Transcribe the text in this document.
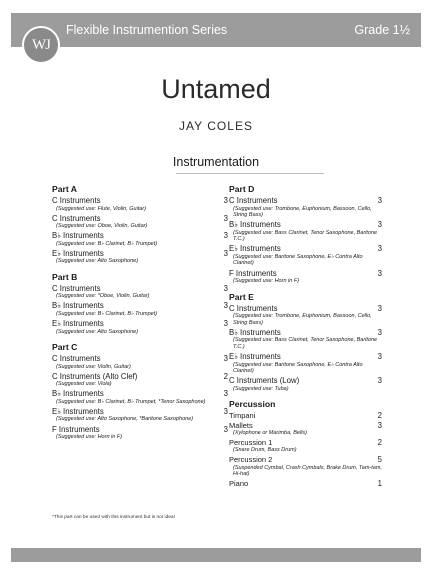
WJ
Flexible Instrumention Series	Grade 1½
Untamed
JAY COLES
Instrumentation
Part A
C Instruments	3
(Suggested use: Flute, Violin, Guitar)
C Instruments	3
(Suggested use: Oboe, Violin, Guitar)
B♭ Instruments	3
(Suggested use: B♭ Clarinet, B♭ Trumpet)
E♭ Instruments	3
(Suggested use: Alto Saxophone)
Part B
C Instruments	3
(Suggested use: *Oboe, Violin, Guitar)
B♭ Instruments	3
(Suggested use: B♭ Clarinet, B♭ Trumpet)
E♭ Instruments	3
(Suggested use: Alto Saxophone)
Part C
C Instruments	3
(Suggested use: Violin, Guitar)
C Instruments (Alto Clef)	2
(Suggested use: Viola)
B♭ Instruments	3
(Suggested use: B♭ Clarinet, B♭ Trumpet, *Tenor Saxophone)
E♭ Instruments	3
(Suggested use: Alto Saxophone, *Baritone Saxophone)
F Instruments	3
(Suggested use: Horn in F)
Part D
C Instruments	3
(Suggested use: Trombone, Euphonium, Bassoon, Cello, String Bass)
B♭ Instruments	3
(Suggested use: Bass Clarinet, Tenor Saxophone, Baritone T.C.)
E♭ Instruments	3
(Suggested use: Baritone Saxophone, E♭ Contra Alto Clarinet)
F Instruments	3
(Suggested use: Horn in F)
Part E
C Instruments	3
(Suggested use: Trombone, Euphonium, Bassoon, Cello, String Bass)
B♭ Instruments	3
(Suggested use: Bass Clarinet, Tenor Saxophone, Baritone T.C.)
E♭ Instruments	3
(Suggested use: Baritone Saxophone, E♭ Contra Alto Clarinet)
C Instruments (Low)	3
(Suggested use: Tuba)
Percussion
Timpani	2
Mallets	3
(Xylophone or Marimba, Bells)
Percussion 1	2
(Snare Drum, Bass Drum)
Percussion 2	5
(Suspended Cymbal, Crash Cymbals, Brake Drum, Tam-tam, Hi-hat)
Piano	1
*This part can be used with this instrument but is not ideal
